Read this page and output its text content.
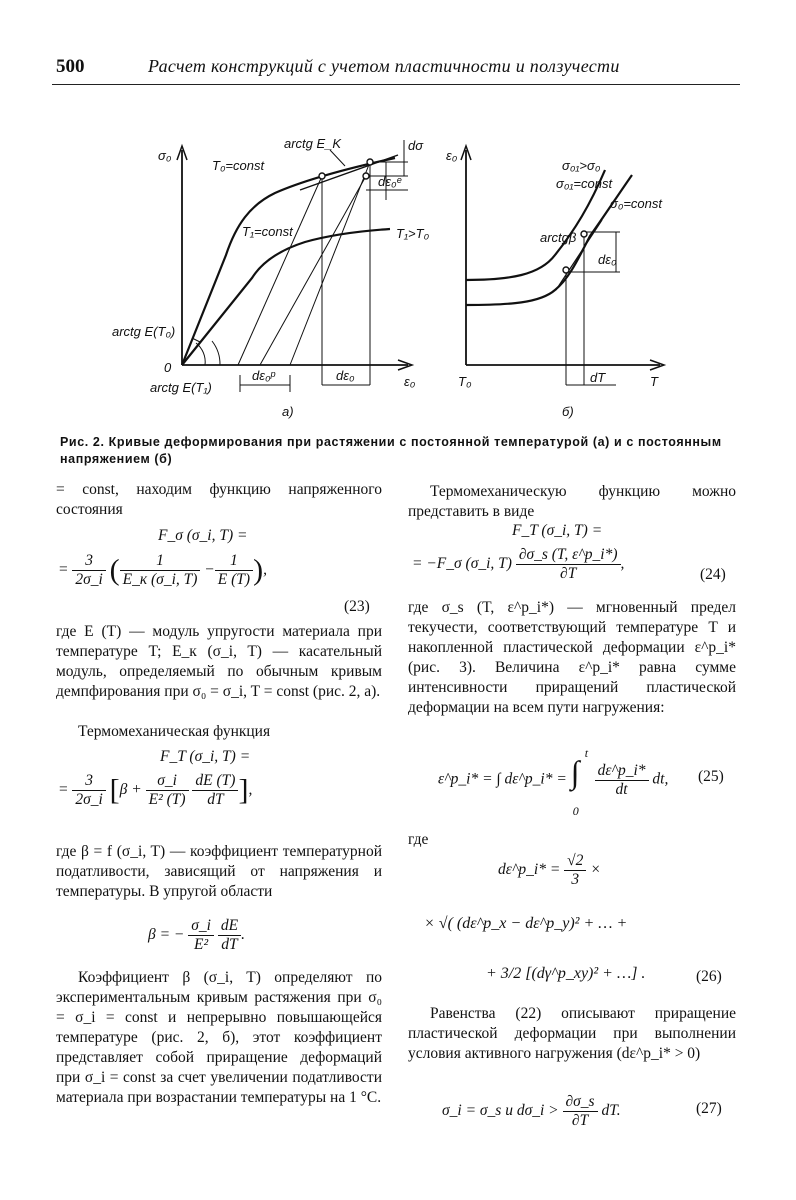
500	Расчет конструкций с учетом пластичности и ползучести
σ₀
ε₀
0
T₀=const
T₁=const	T₁>T₀
arctg E_K
arctg E(T₀)
arctg E(T₁)
dσ
dε₀ᵉ
dε₀ᵖ	dε₀
а)
ε₀
T
T₀
σ₀₁>σ₀
σ₀₁=const
σ₀=const
arctgβ
dε₀
dT
б)
Рис. 2. Кривые деформирования при растяжении с постоянной температурой (а) и с постоянным напряжением (б)
= const, находим функцию напряженного состояния
F_σ (σ_i, T) =
= $\frac{3}{2\sigma\_i}$ ( $\frac{1}{E\_к (\sigma\_i, T)} - \frac{1}{E (T)}$ ),
(23)
где E (T) — модуль упругости материала при температуре T; E_к (σ_i, T) — касательный модуль, определяемый по обычным кривым демпфирования при σ₀ = σ_i, T = const (рис. 2, а).
Термомеханическая функция
F_T (σ_i, T) =
= $\frac{3}{2\sigma\_i} [\beta + \frac{\sigma\_i}{\text{E² (T)}}$
$\frac{dE (T)}{dT}$ ],
где β = f (σ_i, T) — коэффициент температурной податливости, зависящий от напряжения и температуры. В упругой области
β = − $\frac{\sigma\_i}{\text{E²}}$
$\frac{dE}{dT}$ .
Коэффициент β (σ_i, T) определяют по экспериментальным кривым растяжения при σ₀ = σ_i = const и непрерывно повышающейся температуре (рис. 2, б), этот коэффициент представляет собой приращение деформаций при σ_i = const за счет увеличении податливости материала при возрастании температуры на 1 °С.
Термомеханическую функцию можно представить в виде
F_T (σ_i, T) =
= −F_σ (σ_i, $T) \frac{\partial\sigma\_s (T, \varepsilon\^{}p\_i*)}{\partial T}$ ,
(24)
где σ_s (T, ε^p_i*) — мгновенный предел текучести, соответствующий температуре T и накопленной пластической деформации ε^p_i* (рис. 3). Величина ε^p_i* равна сумме интенсивности приращений пластической деформации на всем пути нагружения:
ε^p_i* = ∫ dε^p_i* = ∫
t
0

$\frac{d\varepsilon\^{}p\_i*}{dt}$ dt, (25)
где
dε^p_i* = $\frac{√2}{3}$ ×
× √( (dε^p_x − dε^p_y)² + … +
+ 3/2 [(dγ^p_xy)² + …] .	(26)
Равенства (22) описывают приращение пластической деформации при выполнении условия активного нагружения (dε^p_i* > 0)
σ_i = σ_s и dσ_i > $\frac{\partial\sigma\_s}{\partial T}$ dT.	(27)
